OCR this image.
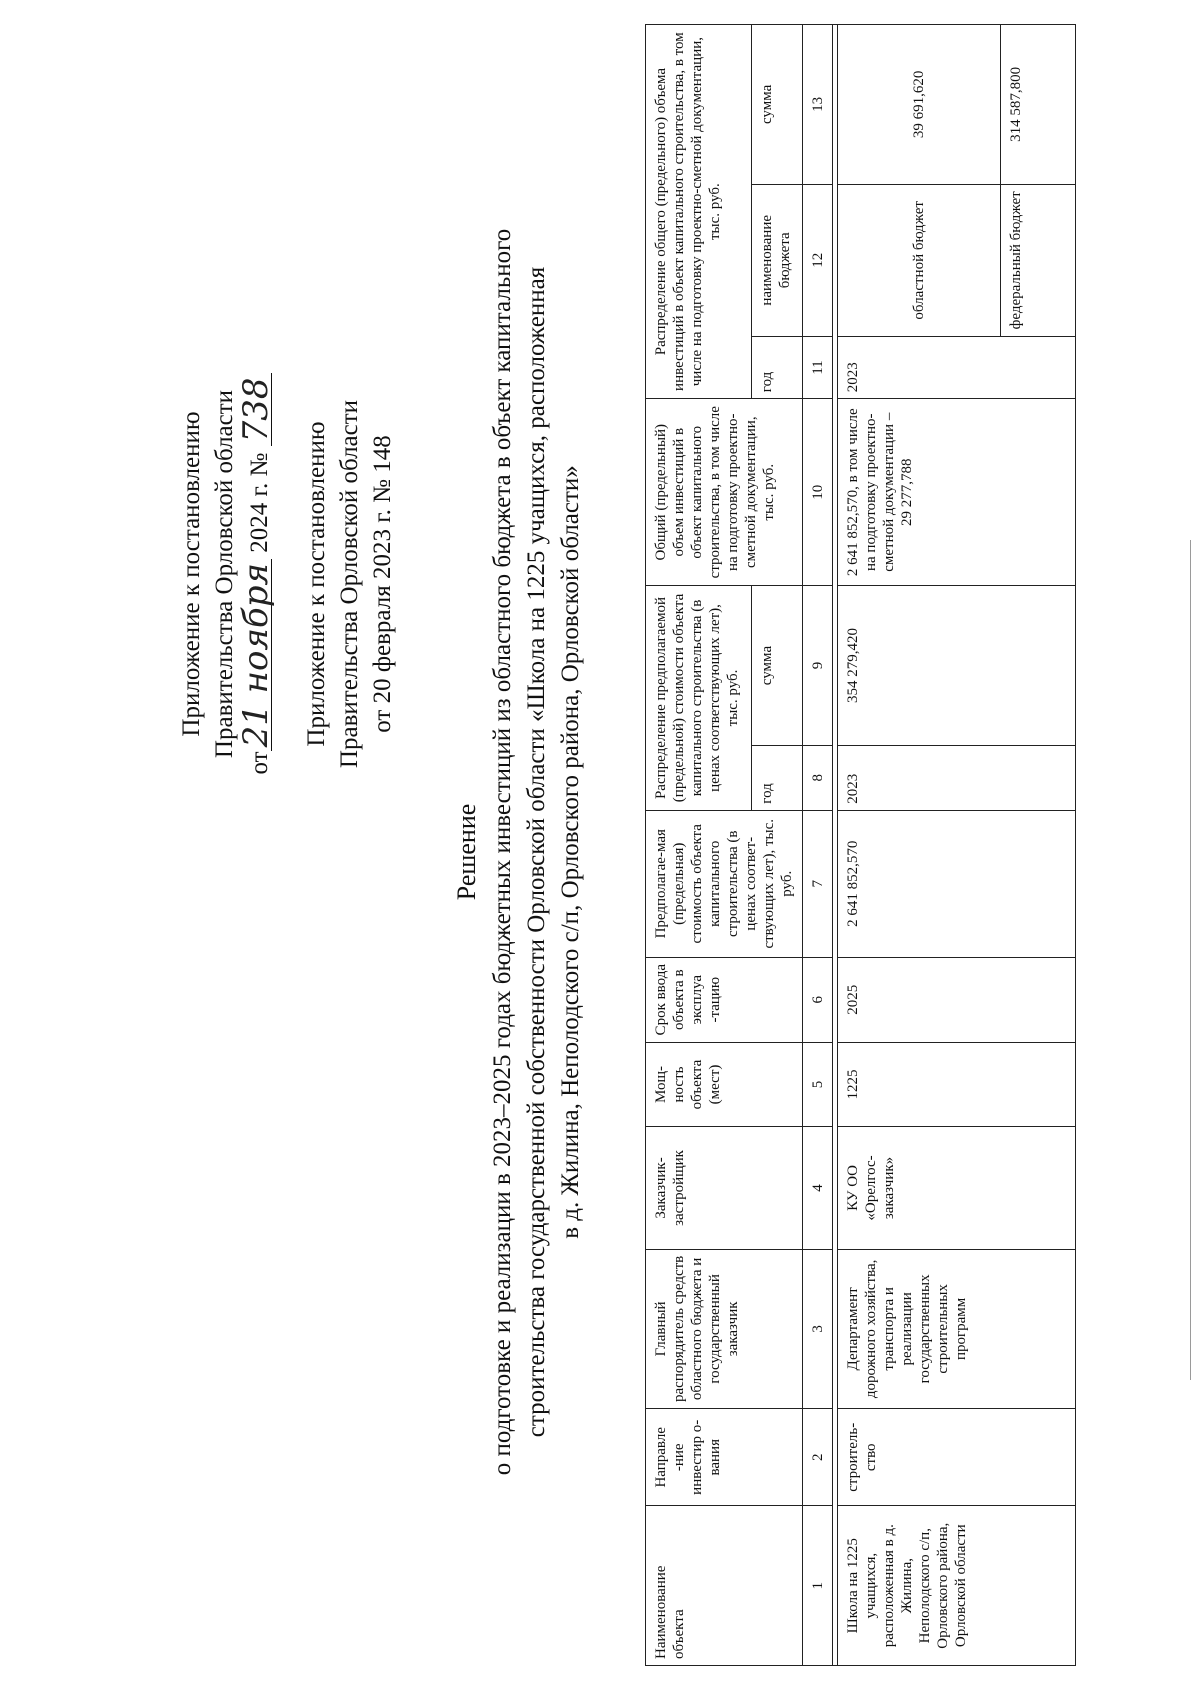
Приложение к постановлению Правительства Орловской области
от21 ноября 2024 г. № 738
Приложение к постановлению Правительства Орловской области от 20 февраля 2023 г. № 148
Решение о подготовке и реализации в 2023–2025 годах бюджетных инвестиций из областного бюджета в объект капитального строительства государственной собственности Орловской области «Школа на 1225 учащихся, расположенная в д. Жилина, Неполодского с/п, Орловского района, Орловской области»
Наименование объекта	Направле -ние инвестир о-вания	Главный распорядитель средств областного бюджета и государственный заказчик	Заказчик-застройщик	Мощ-ность объекта (мест)	Срок ввода объекта в эксплуа -тацию	Предполагае-мая (предельная) стоимость объекта капитального строительства (в ценах соответ-ствующих лет), тыс. руб.	Распределение предполагаемой (предельной) стоимости объекта капитального строительства (в ценах соответствующих лет), тыс. руб.		Общий (предельный) объем инвестиций в объект капитального строительства, в том числе на подготовку проектно-сметной документации, тыс. руб.	Распределение общего (предельного) объема инвестиций в объект капитального строительства, в том числе на подготовку проектно-сметной документации, тыс. руб.		
							год	сумма		год	наименование бюджета	сумма
1	2	3	4	5	6	7	8	9	10	11	12	13

Школа на 1225 учащихся, расположенная в д. Жилина, Неполодского с/п, Орловского района, Орловской области	строитель-ство	Департамент дорожного хозяйства, транспорта и реализации государственных строительных программ	КУ ОО «Орелгос-заказчик»	1225	2025	2 641 852,570	2023	354 279,420	2 641 852,570, в том числе на подготовку проектно-сметной документации – 29 277,788	2023	областной бюджет	39 691,620
											федеральный бюджет	314 587,800
